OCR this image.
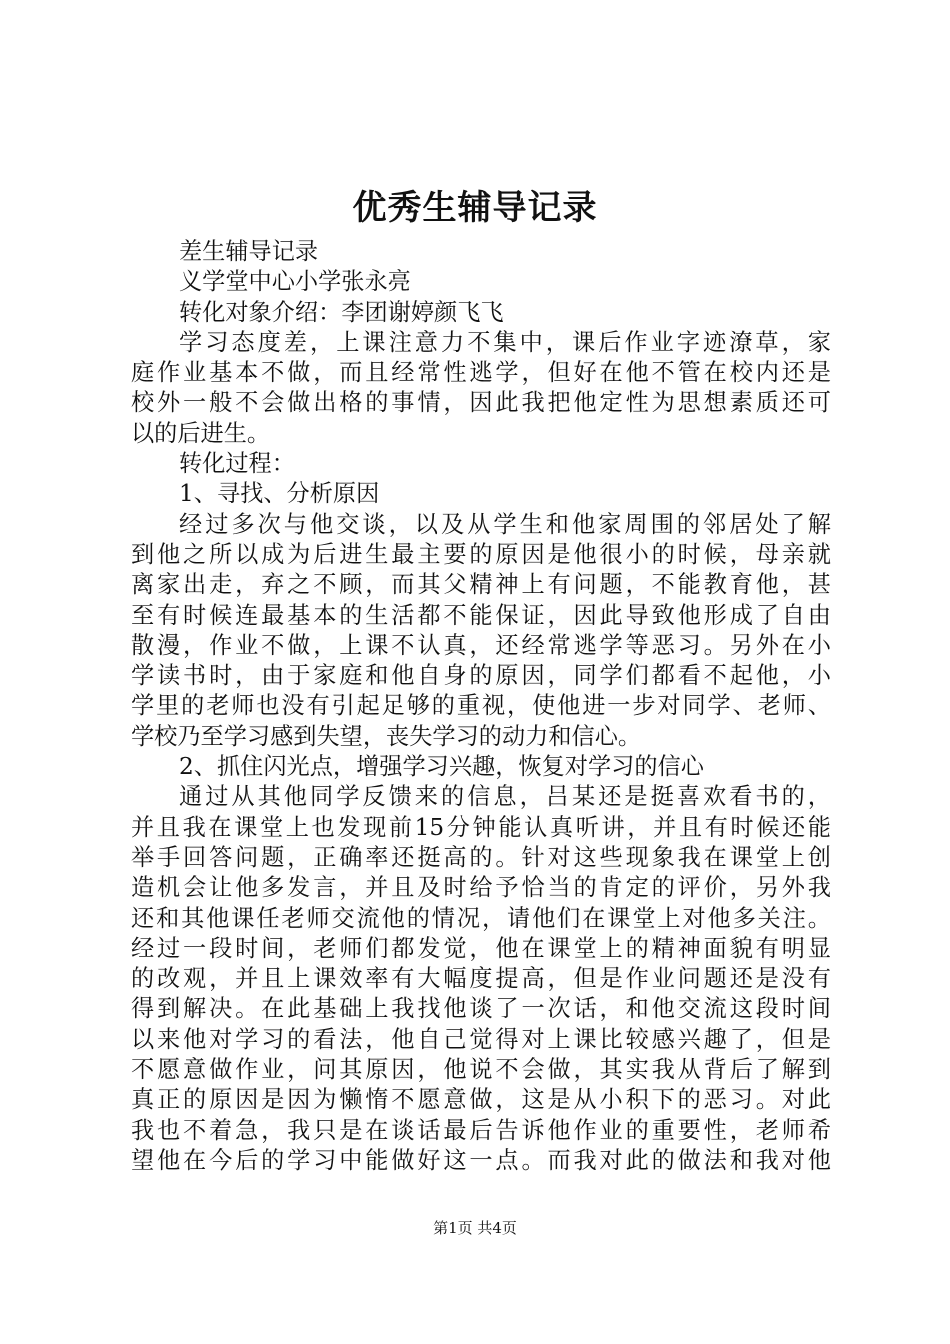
优秀生辅导记录
差生辅导记录
义学堂中心小学张永亮
转化对象介绍：李团谢婷颜飞飞
学习态度差，上课注意力不集中，课后作业字迹潦草，家
庭作业基本不做，而且经常性逃学，但好在他不管在校内还是
校外一般不会做出格的事情，因此我把他定性为思想素质还可
以的后进生。
转化过程：
1、寻找、分析原因
经过多次与他交谈，以及从学生和他家周围的邻居处了解
到他之所以成为后进生最主要的原因是他很小的时候，母亲就
离家出走，弃之不顾，而其父精神上有问题，不能教育他，甚
至有时候连最基本的生活都不能保证，因此导致他形成了自由
散漫，作业不做，上课不认真，还经常逃学等恶习。另外在小
学读书时，由于家庭和他自身的原因，同学们都看不起他，小
学里的老师也没有引起足够的重视，使他进一步对同学、老师、
学校乃至学习感到失望，丧失学习的动力和信心。
2、抓住闪光点，增强学习兴趣，恢复对学习的信心
通过从其他同学反馈来的信息，吕某还是挺喜欢看书的，
并且我在课堂上也发现前15分钟能认真听讲，并且有时候还能
举手回答问题，正确率还挺高的。针对这些现象我在课堂上创
造机会让他多发言，并且及时给予恰当的肯定的评价，另外我
还和其他课任老师交流他的情况，请他们在课堂上对他多关注。
经过一段时间，老师们都发觉，他在课堂上的精神面貌有明显
的改观，并且上课效率有大幅度提高，但是作业问题还是没有
得到解决。在此基础上我找他谈了一次话，和他交流这段时间
以来他对学习的看法，他自己觉得对上课比较感兴趣了，但是
不愿意做作业，问其原因，他说不会做，其实我从背后了解到
真正的原因是因为懒惰不愿意做，这是从小积下的恶习。对此
我也不着急，我只是在谈话最后告诉他作业的重要性，老师希
望他在今后的学习中能做好这一点。而我对此的做法和我对他
第1页 共4页
